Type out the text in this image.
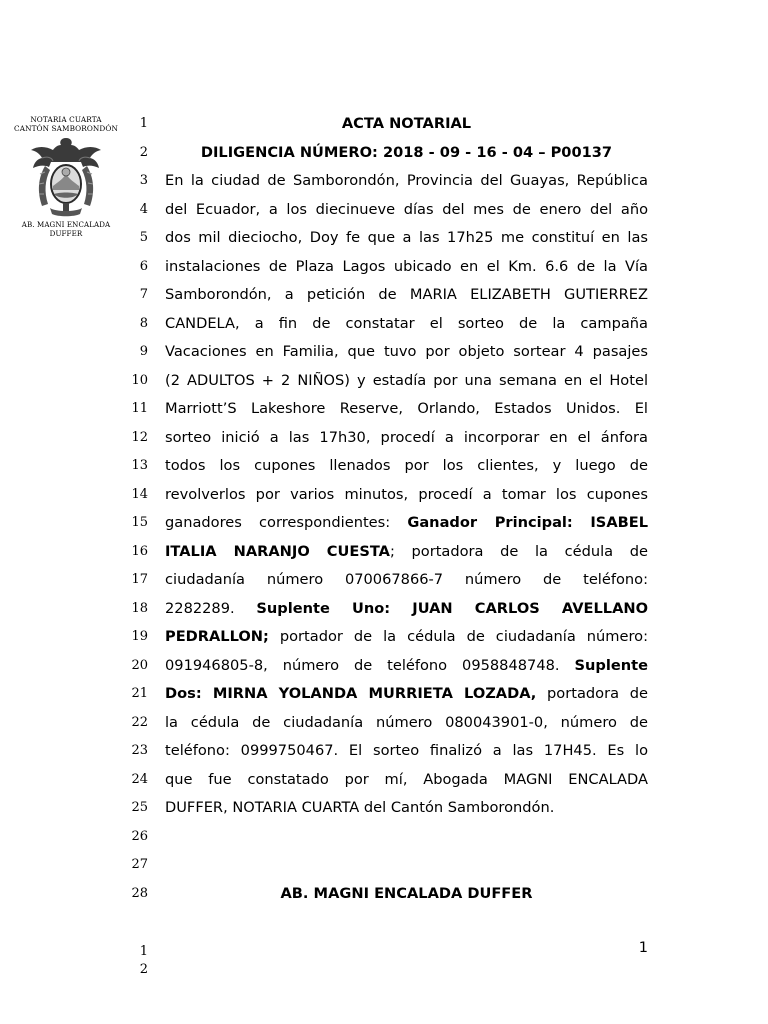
NOTARIA CUARTA
CANTÓN SAMBORONDÓN
AB. MAGNI ENCALADA DUFFER
1	ACTA NOTARIAL
2	DILIGENCIA NÚMERO: 2018 - 09 - 16 - 04 – P00137
3 En la ciudad de Samborondón, Provincia del Guayas, República
4 del Ecuador, a los diecinueve días del mes de enero del año
5 dos mil dieciocho, Doy fe que a las 17h25 me constituí en las
6 instalaciones de Plaza Lagos ubicado en el Km. 6.6 de la Vía
7 Samborondón, a petición de MARIA ELIZABETH GUTIERREZ
8 CANDELA, a fin de constatar el sorteo de la campaña
9 Vacaciones en Familia, que tuvo por objeto sortear 4 pasajes
10 (2 ADULTOS + 2 NIÑOS) y estadía por una semana en el Hotel
11 Marriott’S Lakeshore Reserve, Orlando, Estados Unidos. El
12 sorteo inició a las 17h30, procedí a incorporar en el ánfora
13 todos los cupones llenados por los clientes, y luego de
14 revolverlos por varios minutos, procedí a tomar los cupones
15 ganadores correspondientes: Ganador Principal: ISABEL
16 ITALIA NARANJO CUESTA; portadora de la cédula de
17 ciudadanía número 070067866-7 número de teléfono:
18 2282289. Suplente Uno: JUAN CARLOS AVELLANO
19 PEDRALLON; portador de la cédula de ciudadanía número:
20 091946805-8, número de teléfono 0958848748. Suplente
21 Dos: MIRNA YOLANDA MURRIETA LOZADA, portadora de
22 la cédula de ciudadanía número 080043901-0, número de
23 teléfono: 0999750467. El sorteo finalizó a las 17H45. Es lo
24 que fue constatado por mí, Abogada MAGNI ENCALADA
25 DUFFER, NOTARIA CUARTA del Cantón Samborondón.
26
27
28	AB. MAGNI ENCALADA DUFFER
1
1
2
